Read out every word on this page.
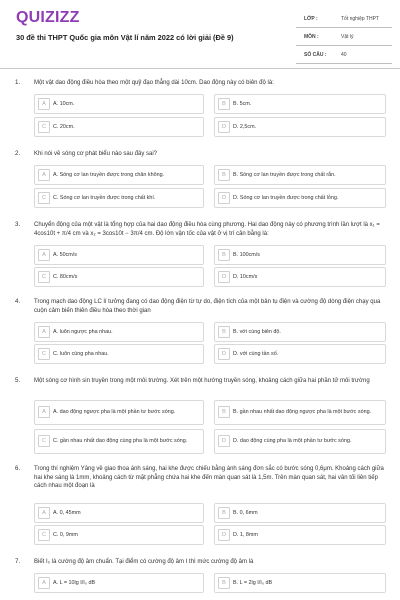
QUIZIZZ
30 đề thi THPT Quốc gia môn Vật lí năm 2022 có lời giải (Đề 9)
LỚP :	Tốt nghiệp THPT
MÔN :	Vật lý
SỐ CÂU :	40
1. Một vật dao động điều hòa theo một quỹ đạo thẳng dài 10cm. Dao động này có biên độ là:
A	A. 10cm.	B	B. 5cm.
C	C. 20cm.	D	D. 2,5cm.
2. Khi nói về sóng cơ phát biểu nào sau đây sai?
A	A. Sóng cơ lan truyền được trong chân không.	B	B. Sóng cơ lan truyền được trong chất rắn.
C	C. Sóng cơ lan truyền được trong chất khí.	D	D. Sóng cơ lan truyền được trong chất lỏng.
3. Chuyển động của một vật là tổng hợp của hai dao động điều hòa cùng phương. Hai dao động này có phương trình lần lượt là x₁ = 4cos10t + π/4 cm và x₂ = 3cos10t − 3π/4 cm. Độ lớn vận tốc của vật ở vị trí cân bằng là:
A	A. 50cm/s	B	B. 100cm/s
C	C. 80cm/s	D	D. 10cm/s
4. Trong mạch dao động LC lí tưởng đang có dao động điện từ tự do, điện tích của một bản tụ điện và cường độ dòng điện chạy qua cuộn cảm biến thiên điều hòa theo thời gian
A	A. luôn ngược pha nhau.	B	B. với cùng biên độ.
C	C. luôn cùng pha nhau.	D	D. với cùng tần số.
5. Một sóng cơ hình sin truyền trong một môi trường. Xét trên một hướng truyền sóng, khoảng cách giữa hai phần tử môi trường
A	A. dao động ngược pha là một phần tư bước sóng.	B	B. gần nhau nhất dao động ngược pha là một bước sóng.
C	C. gần nhau nhất dao động cùng pha là một bước sóng.	D	D. dao động cùng pha là một phần tư bước sóng.
6. Trong thí nghiệm Yâng về giao thoa ánh sáng, hai khe được chiếu bằng ánh sáng đơn sắc có bước sóng 0,6μm. Khoảng cách giữa hai khe sáng là 1mm, khoảng cách từ mặt phẳng chứa hai khe đến màn quan sát là 1,5m. Trên màn quan sát, hai vân tối liên tiếp cách nhau một đoạn là
A	A. 0, 45mm	B	B. 0, 6mm
C	C. 0, 9mm	D	D. 1, 8mm
7. Biết I₀ là cường độ âm chuẩn. Tại điểm có cường độ âm I thì mức cường độ âm là
A	A. L = 10lg I/I₀ dB	B	B. L = 2lg I/I₀ dB
